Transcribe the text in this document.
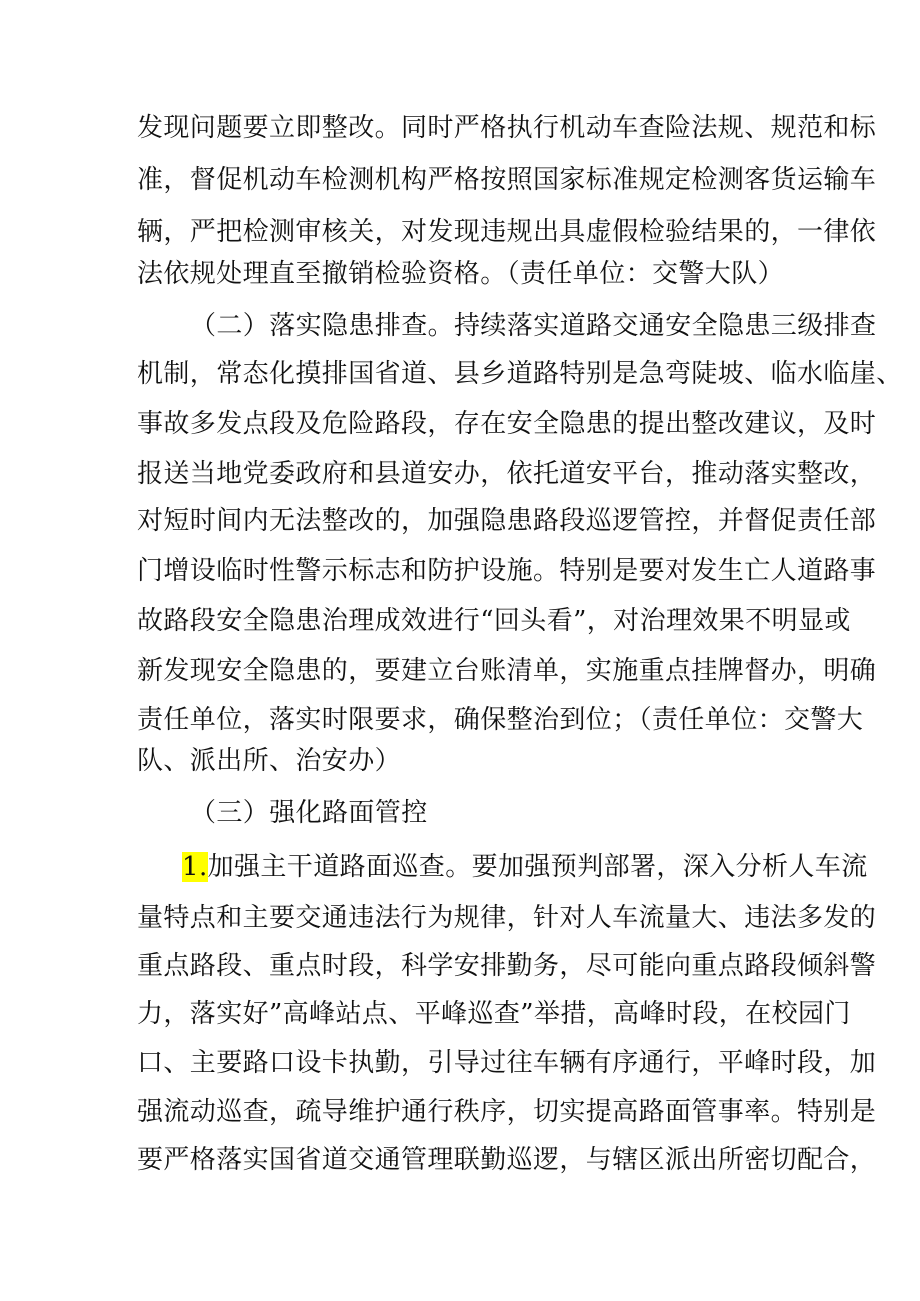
发现问题要立即整改。同时严格执行机动车查险法规、规范和标
准，督促机动车检测机构严格按照国家标准规定检测客货运输车
辆，严把检测审核关，对发现违规出具虚假检验结果的，一律依
法依规处理直至撤销检验资格。（责任单位：交警大队）
（二）落实隐患排查。持续落实道路交通安全隐患三级排查
机制，常态化摸排国省道、县乡道路特别是急弯陡坡、临水临崖、
事故多发点段及危险路段，存在安全隐患的提出整改建议，及时
报送当地党委政府和县道安办，依托道安平台，推动落实整改，
对短时间内无法整改的，加强隐患路段巡逻管控，并督促责任部
门增设临时性警示标志和防护设施。特别是要对发生亡人道路事
故路段安全隐患治理成效进行“回头看”，对治理效果不明显或
新发现安全隐患的，要建立台账清单，实施重点挂牌督办，明确
责任单位，落实时限要求，确保整治到位；（责任单位：交警大
队、派出所、治安办）
（三）强化路面管控
1.加强主干道路面巡查。要加强预判部署，深入分析人车流
量特点和主要交通违法行为规律，针对人车流量大、违法多发的
重点路段、重点时段，科学安排勤务，尽可能向重点路段倾斜警
力，落实好”高峰站点、平峰巡查”举措，高峰时段，在校园门
口、主要路口设卡执勤，引导过往车辆有序通行，平峰时段，加
强流动巡查，疏导维护通行秩序，切实提高路面管事率。特别是
要严格落实国省道交通管理联勤巡逻，与辖区派出所密切配合，
